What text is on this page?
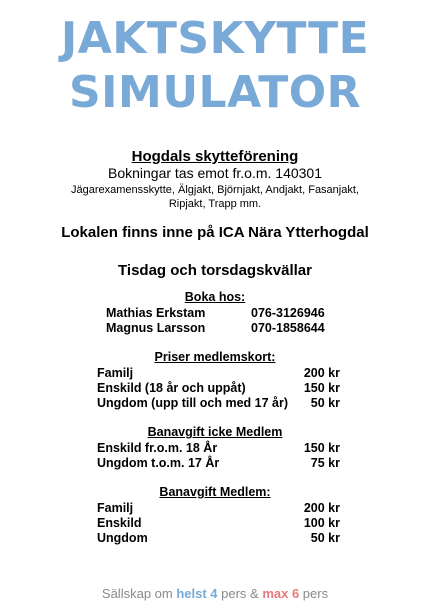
JAKTSKYTTE
SIMULATOR
Hogdals skytteförening
Bokningar tas emot fr.o.m. 140301
Jägarexamensskytte, Älgjakt, Björnjakt, Andjakt, Fasanjakt,
Ripjakt, Trapp mm.
Lokalen finns inne på ICA Nära Ytterhogdal
Tisdag och torsdagskvällar
Boka hos:
Mathias Erkstam	076-3126946
Magnus Larsson	070-1858644
Priser medlemskort:
Familj	200 kr
Enskild (18 år och uppåt)	150 kr
Ungdom (upp till och med 17 år)	50 kr
Banavgift icke Medlem
Enskild fr.o.m. 18 År	150 kr
Ungdom t.o.m. 17 År	75 kr
Banavgift Medlem:
Familj	200 kr
Enskild	100 kr
Ungdom	50 kr
Sällskap om helst 4 pers & max 6 pers
